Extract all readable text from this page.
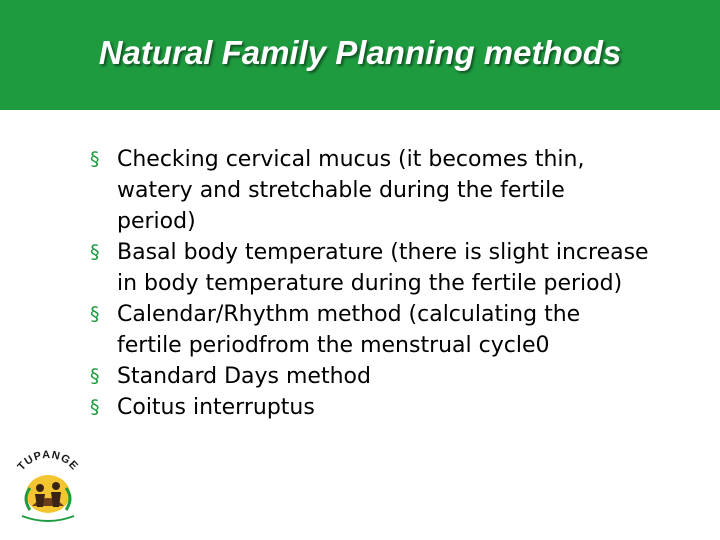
Natural Family Planning methods
§ Checking cervical mucus (it becomes thin, watery and stretchable during the fertile period)
§ Basal body temperature (there is slight increase in body temperature during the fertile period)
§ Calendar/Rhythm method (calculating the fertile periodfrom the menstrual cycle0
§ Standard Days method
§ Coitus interruptus
TUPANGE
